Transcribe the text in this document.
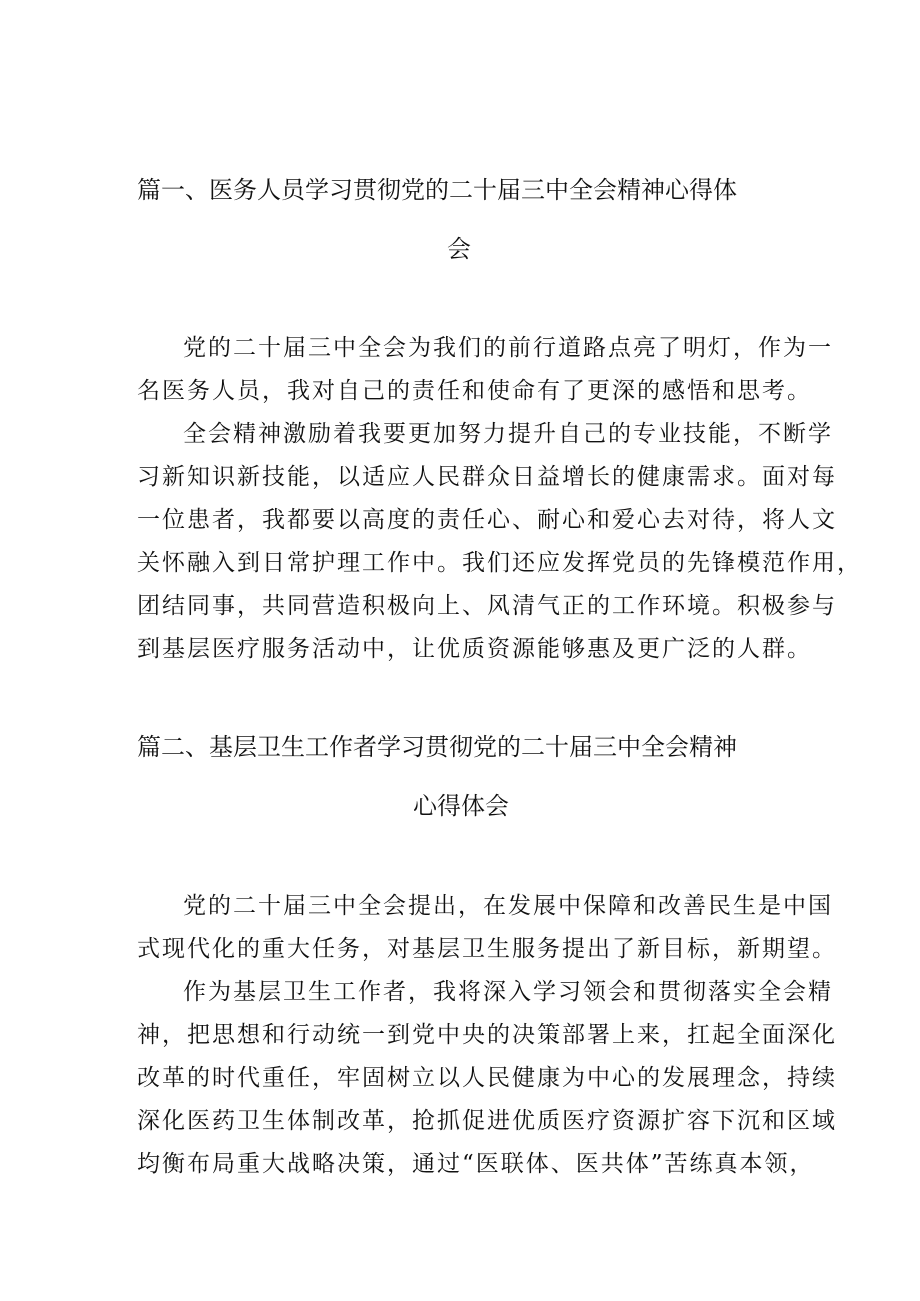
篇一、医务人员学习贯彻党的二十届三中全会精神心得体
会
党的二十届三中全会为我们的前行道路点亮了明灯，作为一
名医务人员，我对自己的责任和使命有了更深的感悟和思考。
全会精神激励着我要更加努力提升自己的专业技能，不断学
习新知识新技能，以适应人民群众日益增长的健康需求。面对每
一位患者，我都要以高度的责任心、耐心和爱心去对待，将人文
关怀融入到日常护理工作中。我们还应发挥党员的先锋模范作用，
团结同事，共同营造积极向上、风清气正的工作环境。积极参与
到基层医疗服务活动中，让优质资源能够惠及更广泛的人群。
篇二、基层卫生工作者学习贯彻党的二十届三中全会精神
心得体会
党的二十届三中全会提出，在发展中保障和改善民生是中国
式现代化的重大任务，对基层卫生服务提出了新目标，新期望。
作为基层卫生工作者，我将深入学习领会和贯彻落实全会精
神，把思想和行动统一到党中央的决策部署上来，扛起全面深化
改革的时代重任，牢固树立以人民健康为中心的发展理念，持续
深化医药卫生体制改革，抢抓促进优质医疗资源扩容下沉和区域
均衡布局重大战略决策，通过“医联体、医共体”苦练真本领，
